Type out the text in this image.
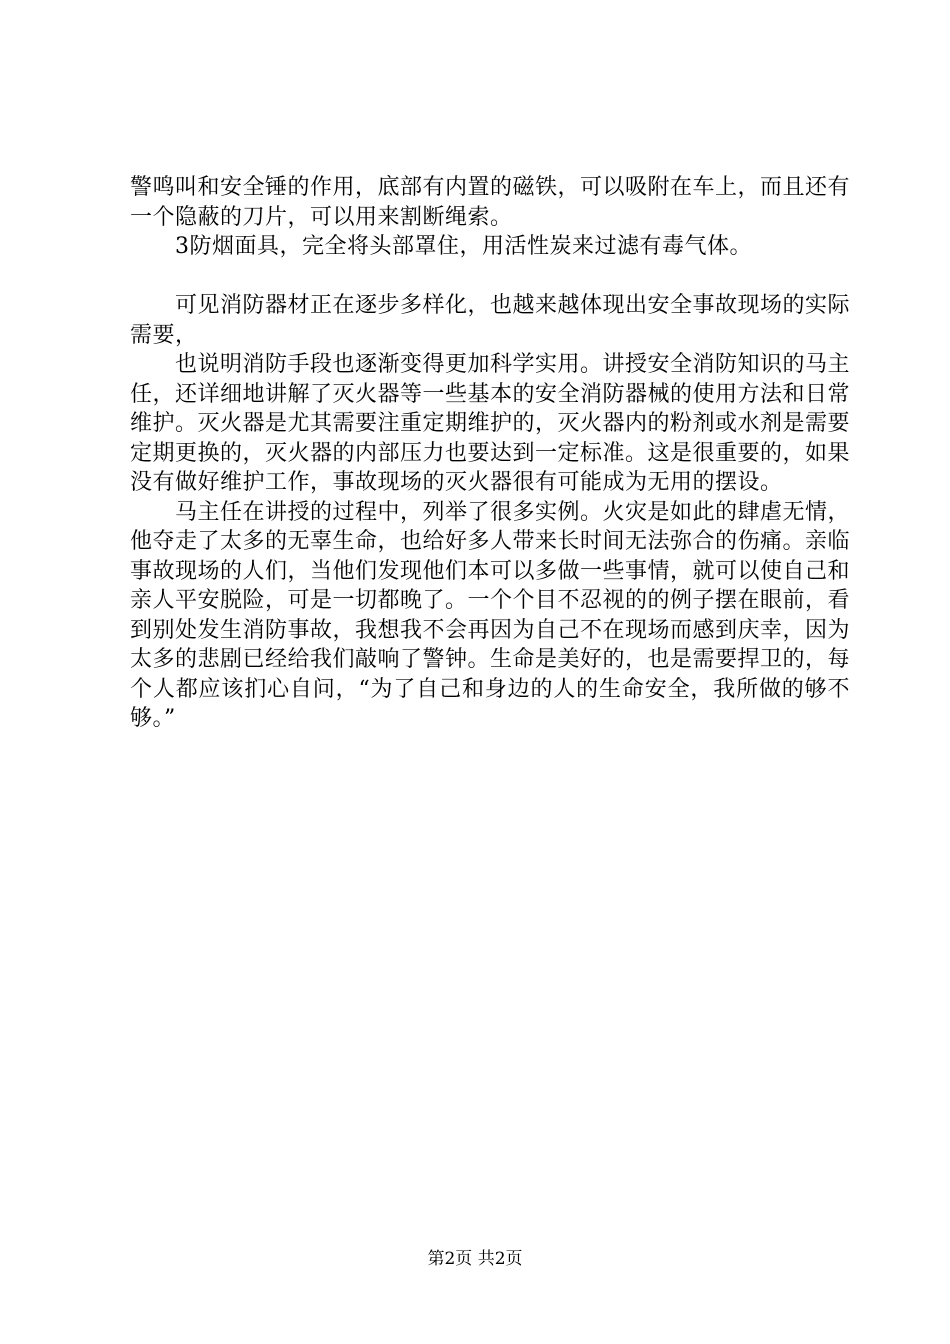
警鸣叫和安全锤的作用，底部有内置的磁铁，可以吸附在车上，而且还有一个隐蔽的刀片，可以用来割断绳索。

3防烟面具，完全将头部罩住，用活性炭来过滤有毒气体。

可见消防器材正在逐步多样化，也越来越体现出安全事故现场的实际需要，

也说明消防手段也逐渐变得更加科学实用。讲授安全消防知识的马主任，还详细地讲解了灭火器等一些基本的安全消防器械的使用方法和日常维护。灭火器是尤其需要注重定期维护的，灭火器内的粉剂或水剂是需要定期更换的，灭火器的内部压力也要达到一定标准。这是很重要的，如果没有做好维护工作，事故现场的灭火器很有可能成为无用的摆设。

马主任在讲授的过程中，列举了很多实例。火灾是如此的肆虐无情，他夺走了太多的无辜生命，也给好多人带来长时间无法弥合的伤痛。亲临事故现场的人们，当他们发现他们本可以多做一些事情，就可以使自己和亲人平安脱险，可是一切都晚了。一个个目不忍视的的例子摆在眼前，看到别处发生消防事故，我想我不会再因为自己不在现场而感到庆幸，因为太多的悲剧已经给我们敲响了警钟。生命是美好的，也是需要捍卫的，每个人都应该扪心自问，“为了自己和身边的人的生命安全，我所做的够不够。”

第2页 共2页
